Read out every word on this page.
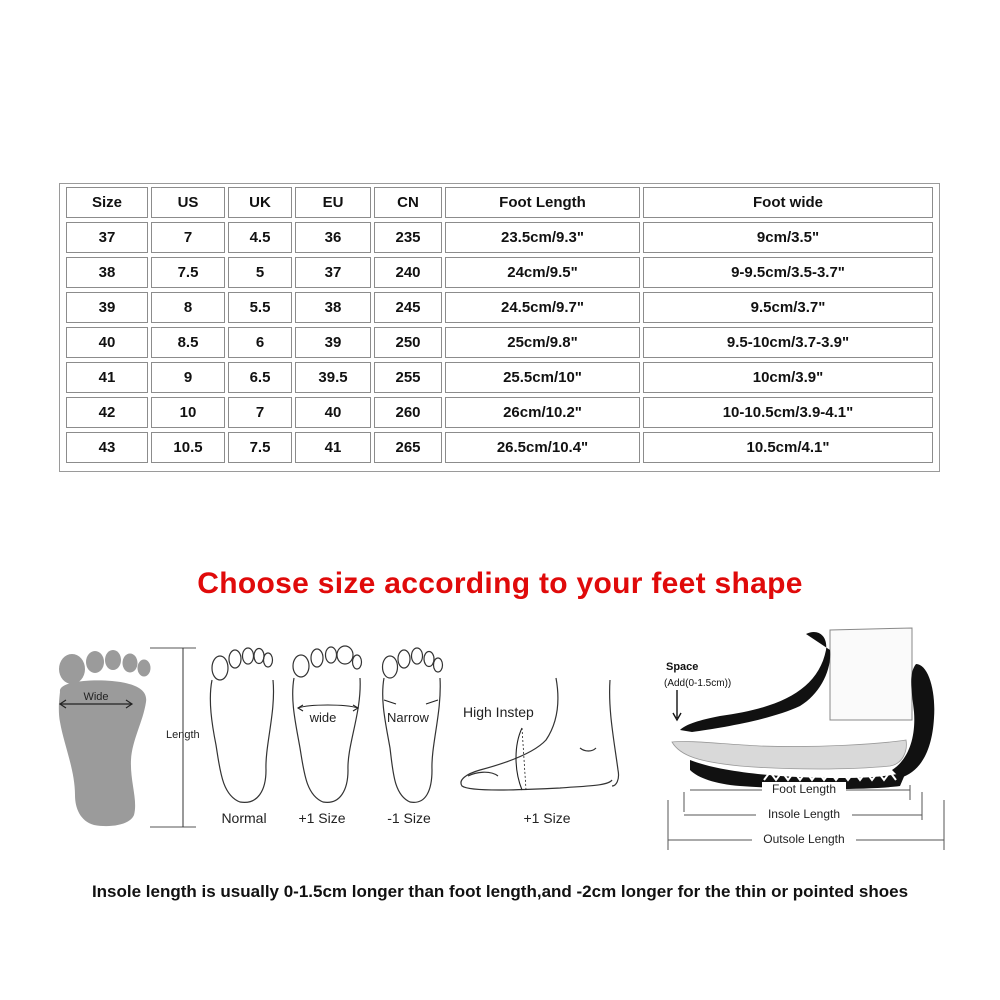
Size	US	UK	EU	CN	Foot Length	Foot wide
37	7	4.5	36	235	23.5cm/9.3"	9cm/3.5"
38	7.5	5	37	240	24cm/9.5"	9-9.5cm/3.5-3.7"
39	8	5.5	38	245	24.5cm/9.7"	9.5cm/3.7"
40	8.5	6	39	250	25cm/9.8"	9.5-10cm/3.7-3.9"
41	9	6.5	39.5	255	25.5cm/10"	10cm/3.9"
42	10	7	40	260	26cm/10.2"	10-10.5cm/3.9-4.1"
43	10.5	7.5	41	265	26.5cm/10.4"	10.5cm/4.1"
Choose size according to your feet shape
Wide
Length
Normal
wide
+1 Size
Narrow
-1 Size
High Instep
+1 Size
Space
(Add(0-1.5cm))
Foot Length
Insole Length
Outsole Length
Insole length is usually 0-1.5cm longer than foot length,and -2cm longer for the thin or pointed shoes
